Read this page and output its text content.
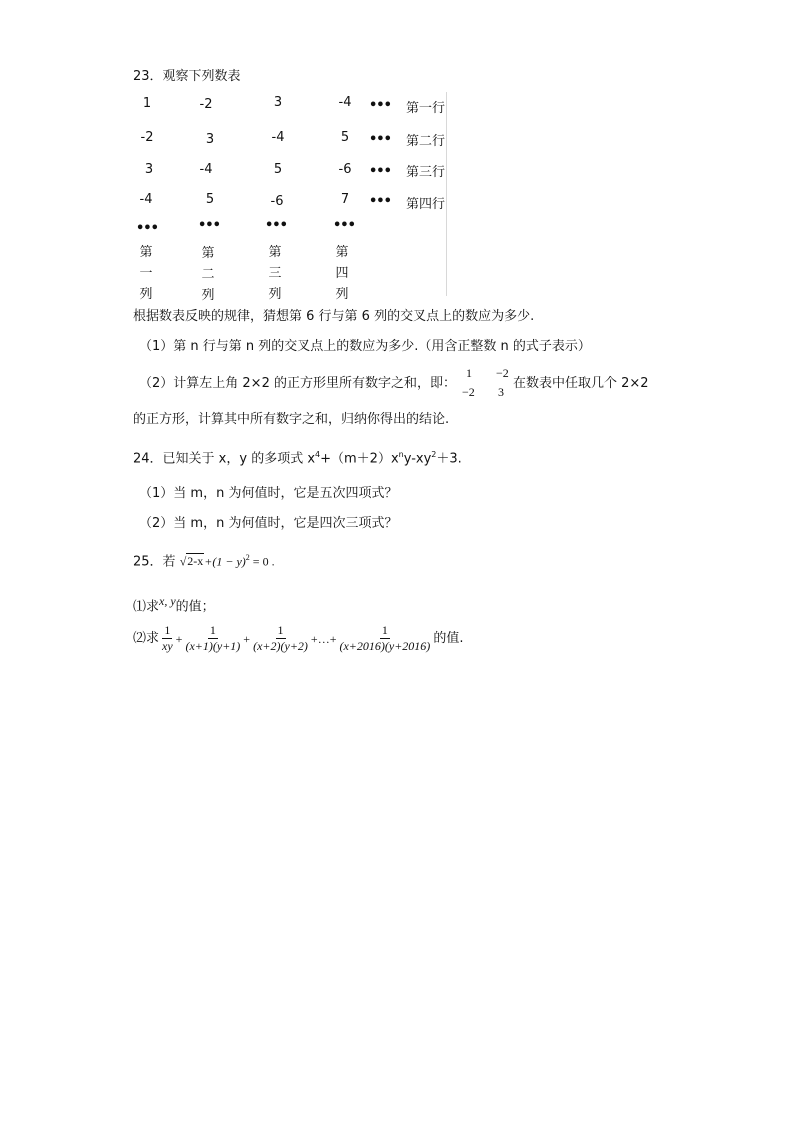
23．观察下列数表
1	-2	3	-4	••• 第一行
-2	3	-4	5	••• 第二行
3	-4	5	-6	••• 第三行
-4	5	-6	7	••• 第四行
•••	•••	•••	•••
第
一
列
第
二
列
第
三
列
第
四
列
根据数表反映的规律，猜想第 6 行与第 6 列的交叉点上的数应为多少.
（1）第 n 行与第 n 列的交叉点上的数应为多少.（用含正整数 n 的式子表示）
（2）计算左上角 2×2 的正方形里所有数字之和，即：
1 −2
−2 3
在数表中任取几个 2×2
的正方形，计算其中所有数字之和，归纳你得出的结论.
24．已知关于 x，y 的多项式 $x^4+(m+2)x^ny-xy^2+3$.
（1）当 m，n 为何值时，它是五次四项式？
（2）当 m，n 为何值时，它是四次三项式？
25．若 $√2-x+(1 - y)^2 = 0$ .
⑴求x, y的值；
⑵求 $\frac{1}{xy} + \frac{1}{(x+1)(y+1)} + \frac{1}{(x+2)(y+2)}$ +…+ $\frac{1}{(x+2016)(y+2016)}$ 的值.
